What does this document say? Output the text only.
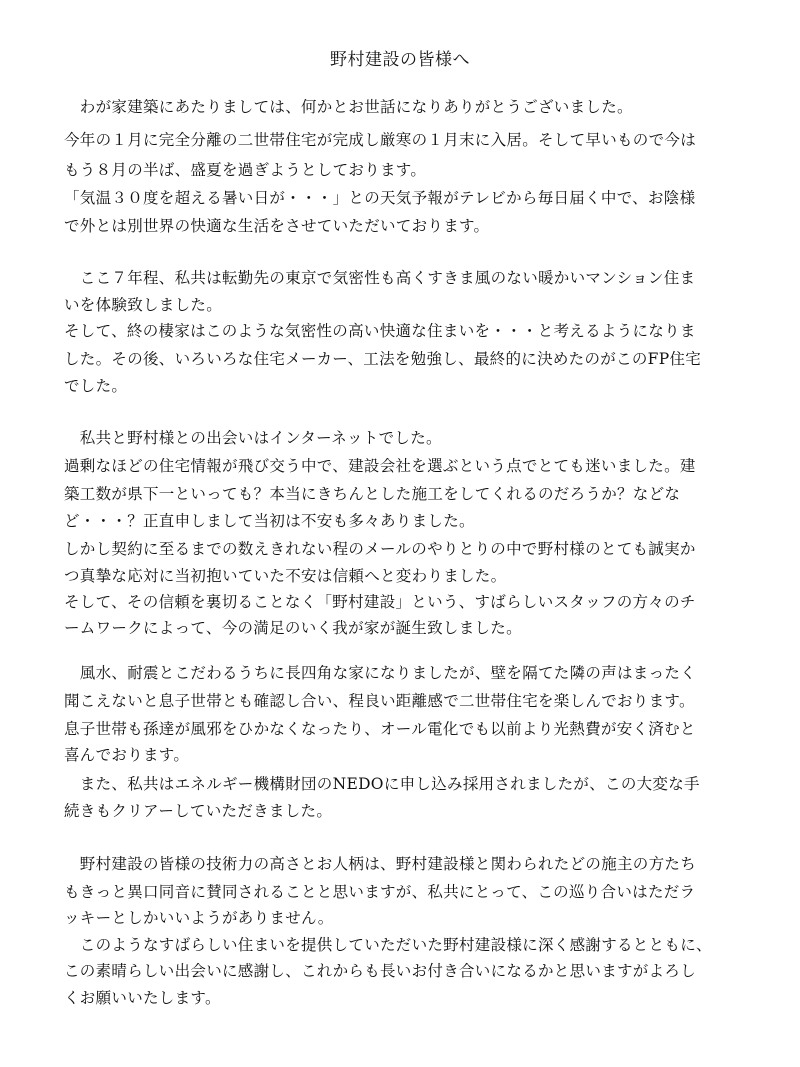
野村建設の皆様へ
　わが家建築にあたりましては、何かとお世話になりありがとうございました。
今年の１月に完全分離の二世帯住宅が完成し厳寒の１月末に入居。そして早いもので今は
もう８月の半ば、盛夏を過ぎようとしております。
「気温３０度を超える暑い日が・・・」との天気予報がテレビから毎日届く中で、お陰様
で外とは別世界の快適な生活をさせていただいております。
　ここ７年程、私共は転勤先の東京で気密性も高くすきま風のない暖かいマンション住ま
いを体験致しました。
そして、終の棲家はこのような気密性の高い快適な住まいを・・・と考えるようになりま
した。その後、いろいろな住宅メーカー、工法を勉強し、最終的に決めたのがこのFP住宅
でした。
　私共と野村様との出会いはインターネットでした。
過剰なほどの住宅情報が飛び交う中で、建設会社を選ぶという点でとても迷いました。建
築工数が県下一といっても？本当にきちんとした施工をしてくれるのだろうか？などな
ど・・・？正直申しまして当初は不安も多々ありました。
しかし契約に至るまでの数えきれない程のメールのやりとりの中で野村様のとても誠実か
つ真摯な応対に当初抱いていた不安は信頼へと変わりました。
そして、その信頼を裏切ることなく「野村建設」という、すばらしいスタッフの方々のチ
ームワークによって、今の満足のいく我が家が誕生致しました。
　風水、耐震とこだわるうちに長四角な家になりましたが、壁を隔てた隣の声はまったく
聞こえないと息子世帯とも確認し合い、程良い距離感で二世帯住宅を楽しんでおります。
息子世帯も孫達が風邪をひかなくなったり、オール電化でも以前より光熱費が安く済むと
喜んでおります。
　また、私共はエネルギー機構財団のNEDOに申し込み採用されましたが、この大変な手
続きもクリアーしていただきました。
　野村建設の皆様の技術力の高さとお人柄は、野村建設様と関わられたどの施主の方たち
もきっと異口同音に賛同されることと思いますが、私共にとって、この巡り合いはただラ
ッキーとしかいいようがありません。
　このようなすばらしい住まいを提供していただいた野村建設様に深く感謝するとともに、
この素晴らしい出会いに感謝し、これからも長いお付き合いになるかと思いますがよろし
くお願いいたします。
